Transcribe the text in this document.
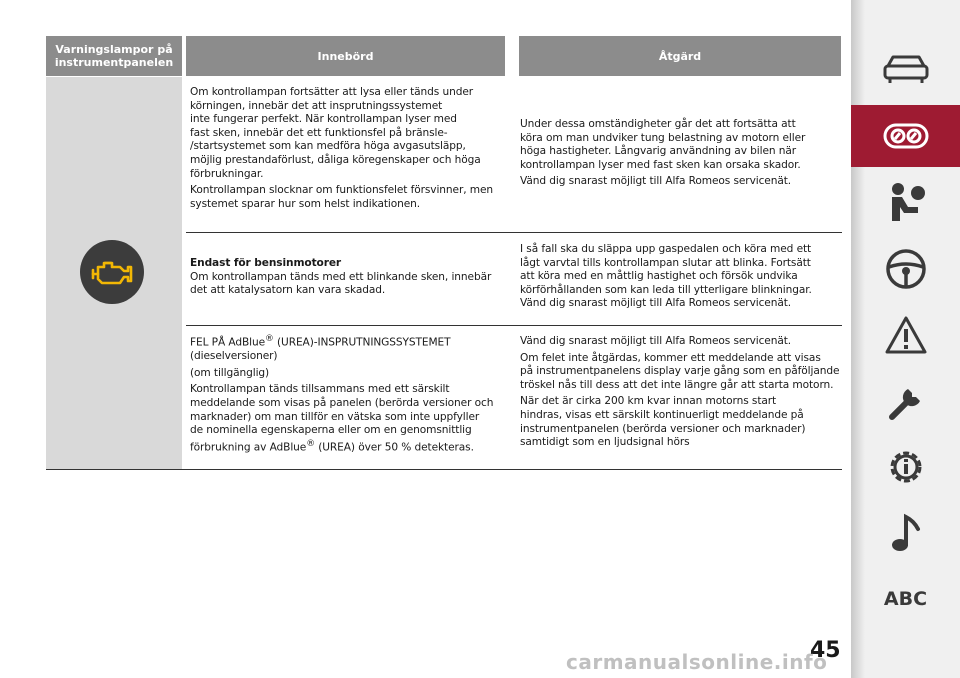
Varningslampor på
instrumentpanelen	Innebörd	Åtgärd

Om kontrollampan fortsätter att lysa eller tänds under
körningen, innebär det att insprutningssystemet
inte fungerar perfekt. När kontrollampan lyser med
fast sken, innebär det ett funktionsfel på bränsle-
/startsystemet som kan medföra höga avgasutsläpp,
möjlig prestandaförlust, dåliga köregenskaper och höga
förbrukningar.

Kontrollampan slocknar om funktionsfelet försvinner, men
systemet sparar hur som helst indikationen.

Under dessa omständigheter går det att fortsätta att
köra om man undviker tung belastning av motorn eller
höga hastigheter. Långvarig användning av bilen när
kontrollampan lyser med fast sken kan orsaka skador.

Vänd dig snarast möjligt till Alfa Romeos servicenät.

Endast för bensinmotorer

Om kontrollampan tänds med ett blinkande sken, innebär
det att katalysatorn kan vara skadad.

I så fall ska du släppa upp gaspedalen och köra med ett
lågt varvtal tills kontrollampan slutar att blinka. Fortsätt
att köra med en måttlig hastighet och försök undvika
körförhållanden som kan leda till ytterligare blinkningar.
Vänd dig snarast möjligt till Alfa Romeos servicenät.

FEL PÅ AdBlue® (UREA)-INSPRUTNINGSSYSTEMET

(dieselversioner)

(om tillgänglig)

Kontrollampan tänds tillsammans med ett särskilt
meddelande som visas på panelen (berörda versioner och
marknader) om man tillför en vätska som inte uppfyller
de nominella egenskaperna eller om en genomsnittlig
förbrukning av AdBlue® (UREA) över 50 % detekteras.

Vänd dig snarast möjligt till Alfa Romeos servicenät.

Om felet inte åtgärdas, kommer ett meddelande att visas
på instrumentpanelens display varje gång som en påföljande
tröskel nås till dess att det inte längre går att starta motorn.

När det är cirka 200 km kvar innan motorns start
hindras, visas ett särskilt kontinuerligt meddelande på
instrumentpanelen (berörda versioner och marknader)
samtidigt som en ljudsignal hörs

ABC
45
carmanualsonline.info
